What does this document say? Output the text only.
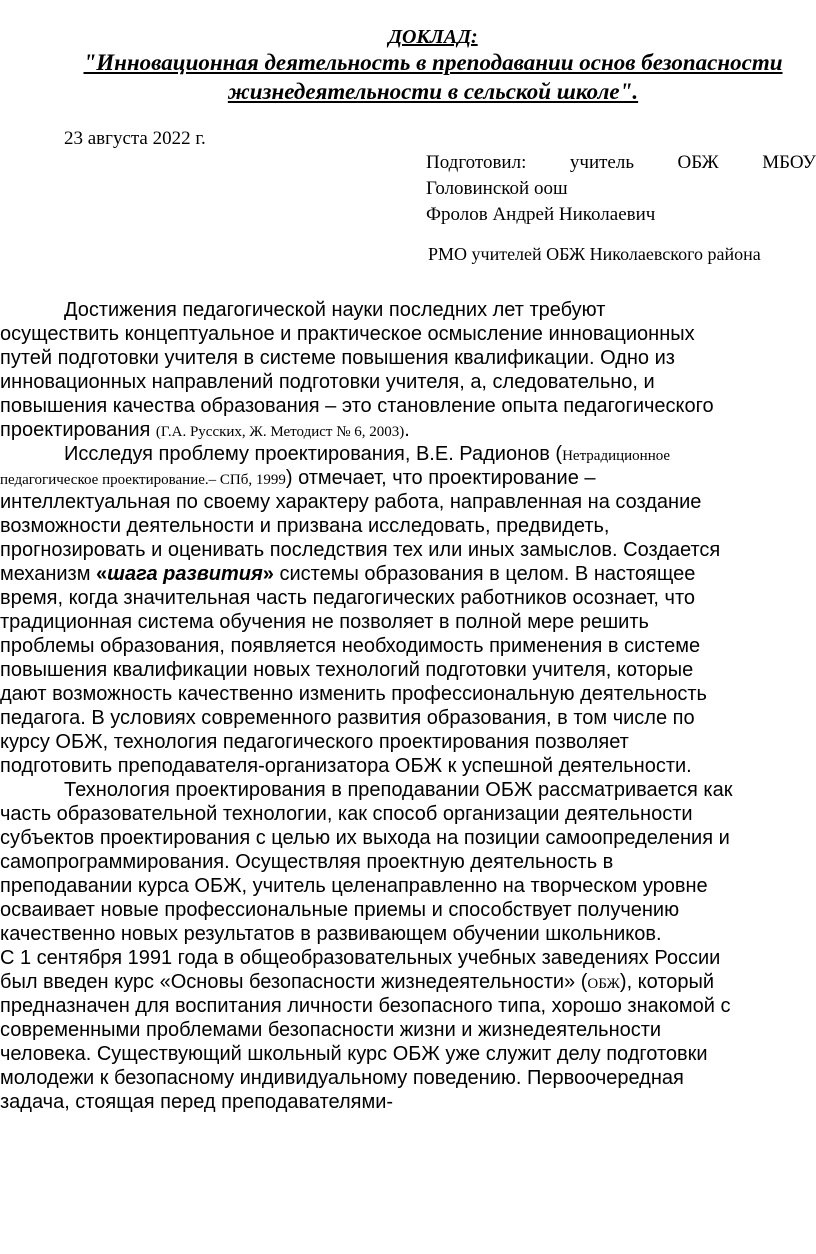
ДОКЛАД:
"Инновационная деятельность в преподавании основ безопасности
жизнедеятельности в сельской школе".
23 августа 2022 г.
Подготовил: учитель ОБЖ МБОУ
Головинской оош
Фролов Андрей Николаевич
РМО учителей ОБЖ Николаевского района
Достижения педагогической науки последних лет требуют
осуществить концептуальное и практическое осмысление инновационных
путей подготовки учителя в системе повышения квалификации. Одно из
инновационных направлений подготовки учителя, а, следовательно, и
повышения качества образования – это становление опыта педагогического
проектирования (Г.А. Русских, Ж. Методист № 6, 2003).
Исследуя проблему проектирования, В.Е. Радионов (Нетрадиционное
педагогическое проектирование.– СПб, 1999) отмечает, что проектирование –
интеллектуальная по своему характеру работа, направленная на создание
возможности деятельности и призвана исследовать, предвидеть,
прогнозировать и оценивать последствия тех или иных замыслов. Создается
механизм «шага развития» системы образования в целом. В настоящее
время, когда значительная часть педагогических работников осознает, что
традиционная система обучения не позволяет в полной мере решить
проблемы образования, появляется необходимость применения в системе
повышения квалификации новых технологий подготовки учителя, которые
дают возможность качественно изменить профессиональную деятельность
педагога. В условиях современного развития образования, в том числе по
курсу ОБЖ, технология педагогического проектирования позволяет
подготовить преподавателя-организатора ОБЖ к успешной деятельности.
Технология проектирования в преподавании ОБЖ рассматривается как
часть образовательной технологии, как способ организации деятельности
субъектов проектирования с целью их выхода на позиции самоопределения и
самопрограммирования. Осуществляя проектную деятельность в
преподавании курса ОБЖ, учитель целенаправленно на творческом уровне
осваивает новые профессиональные приемы и способствует получению
качественно новых результатов в развивающем обучении школьников.
С 1 сентября 1991 года в общеобразовательных учебных заведениях России
был введен курс «Основы безопасности жизнедеятельности» (ОБЖ), который
предназначен для воспитания личности безопасного типа, хорошо знакомой с
современными проблемами безопасности жизни и жизнедеятельности
человека. Существующий школьный курс ОБЖ уже служит делу подготовки
молодежи к безопасному индивидуальному поведению. Первоочередная
задача, стоящая перед преподавателями-
